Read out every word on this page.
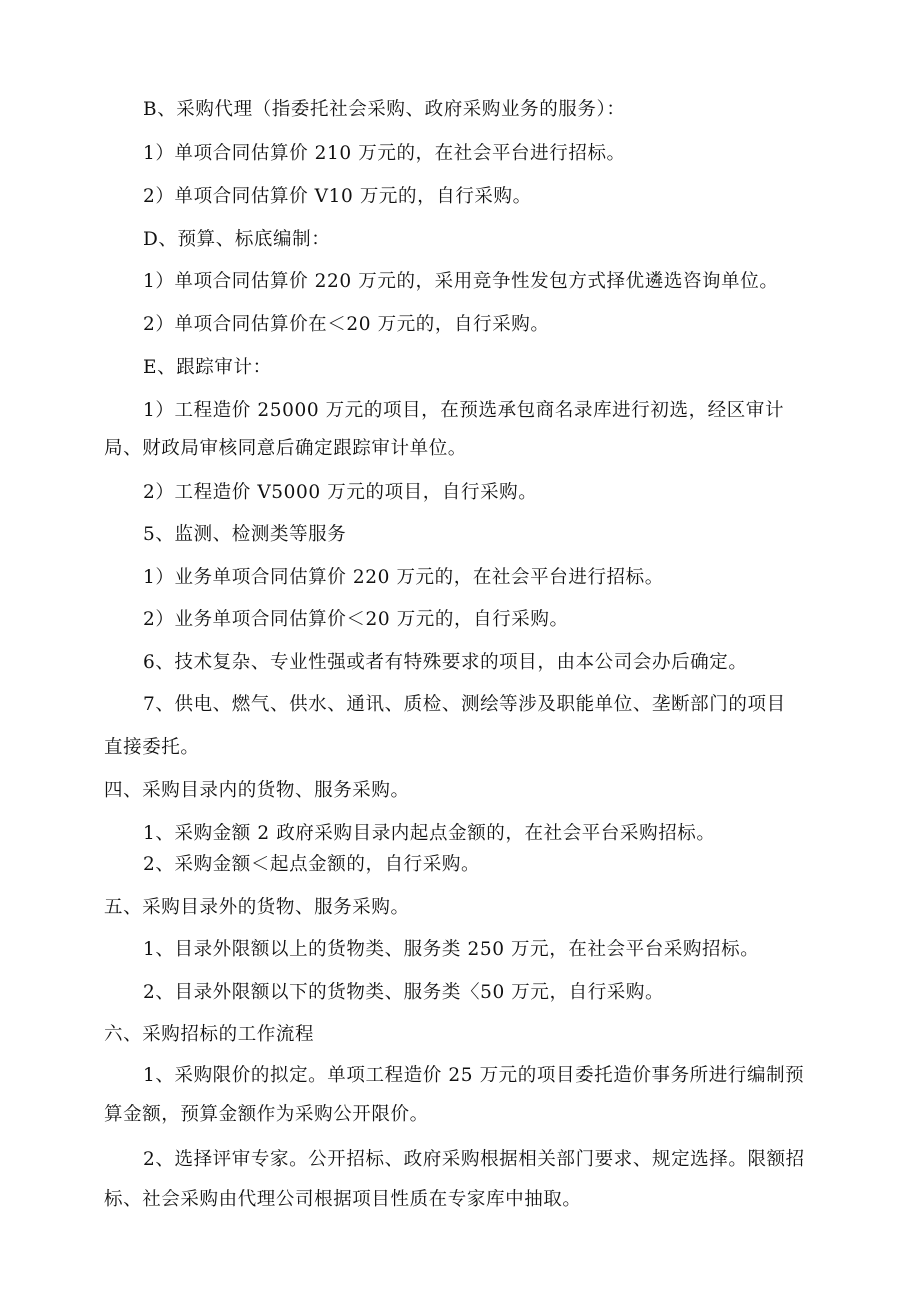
B、采购代理（指委托社会采购、政府采购业务的服务）：
1）单项合同估算价 210 万元的，在社会平台进行招标。
2）单项合同估算价 V10 万元的，自行采购。
D、预算、标底编制：
1）单项合同估算价 220 万元的，采用竞争性发包方式择优遴选咨询单位。
2）单项合同估算价在＜20 万元的，自行采购。
E、跟踪审计：
1）工程造价 25000 万元的项目，在预选承包商名录库进行初选，经区审计
局、财政局审核同意后确定跟踪审计单位。
2）工程造价 V5000 万元的项目，自行采购。
5、监测、检测类等服务
1）业务单项合同估算价 220 万元的，在社会平台进行招标。
2）业务单项合同估算价＜20 万元的，自行采购。
6、技术复杂、专业性强或者有特殊要求的项目，由本公司会办后确定。
7、供电、燃气、供水、通讯、质检、测绘等涉及职能单位、垄断部门的项目
直接委托。
四、采购目录内的货物、服务采购。
1、采购金额 2 政府采购目录内起点金额的，在社会平台采购招标。
2、采购金额＜起点金额的，自行采购。
五、采购目录外的货物、服务采购。
1、目录外限额以上的货物类、服务类 250 万元，在社会平台采购招标。
2、目录外限额以下的货物类、服务类〈50 万元，自行采购。
六、采购招标的工作流程
1、采购限价的拟定。单项工程造价 25 万元的项目委托造价事务所进行编制预
算金额，预算金额作为采购公开限价。
2、选择评审专家。公开招标、政府采购根据相关部门要求、规定选择。限额招
标、社会采购由代理公司根据项目性质在专家库中抽取。
